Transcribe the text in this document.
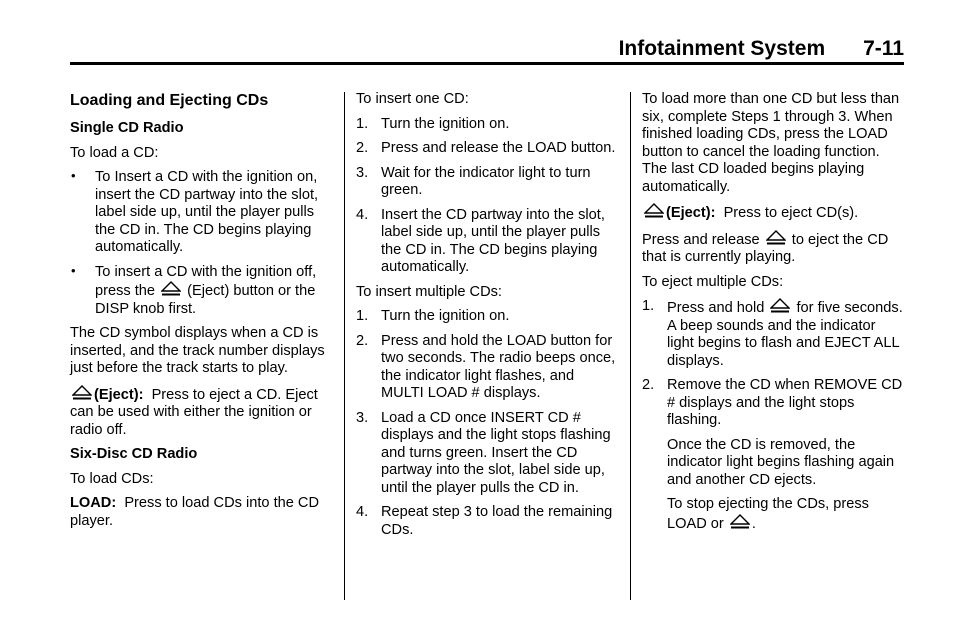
Infotainment System 7-11
Loading and Ejecting CDs
Single CD Radio

To load a CD:

• To Insert a CD with the ignition on, insert the CD partway into the slot, label side up, until the player pulls the CD in. The CD begins playing automatically.
• To insert a CD with the ignition off, press the (Eject) button or the DISP knob first.

The CD symbol displays when a CD is inserted, and the track number displays just before the track starts to play.

(Eject): Press to eject a CD. Eject can be used with either the ignition or radio off.

Six-Disc CD Radio

To load CDs:

LOAD: Press to load CDs into the CD player.

To insert one CD:

1. Turn the ignition on.
2. Press and release the LOAD button.
3. Wait for the indicator light to turn green.
4. Insert the CD partway into the slot, label side up, until the player pulls the CD in. The CD begins playing automatically.

To insert multiple CDs:

1. Turn the ignition on.
2. Press and hold the LOAD button for two seconds. The radio beeps once, the indicator light flashes, and MULTI LOAD # displays.
3. Load a CD once INSERT CD # displays and the light stops flashing and turns green. Insert the CD partway into the slot, label side up, until the player pulls the CD in.
4. Repeat step 3 to load the remaining CDs.

To load more than one CD but less than six, complete Steps 1 through 3. When finished loading CDs, press the LOAD button to cancel the loading function. The last CD loaded begins playing automatically.

(Eject): Press to eject CD(s).

Press and release to eject the CD that is currently playing.

To eject multiple CDs:

1. Press and hold for five seconds. A beep sounds and the indicator light begins to flash and EJECT ALL displays.
2. Remove the CD when REMOVE CD # displays and the light stops flashing.

Once the CD is removed, the indicator light begins flashing again and another CD ejects.

To stop ejecting the CDs, press LOAD or .
